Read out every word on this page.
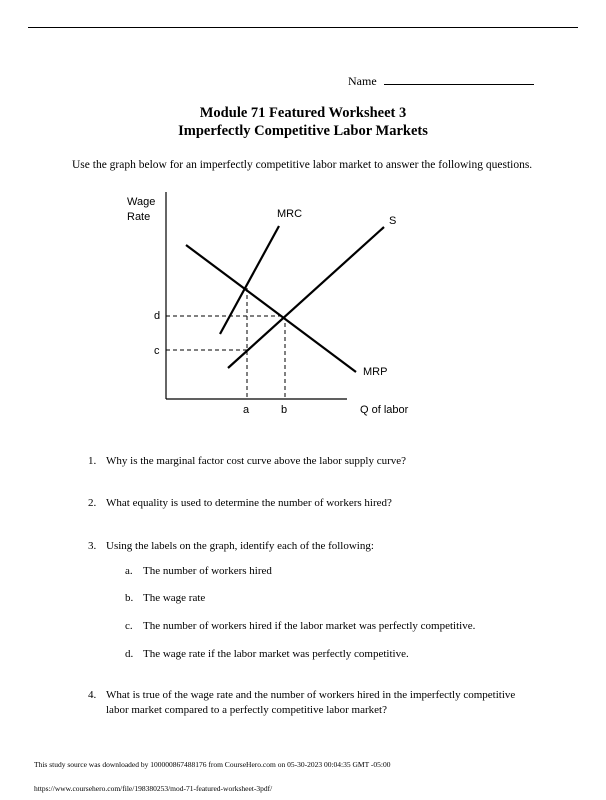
Name
Module 71 Featured Worksheet 3
Imperfectly Competitive Labor Markets
Use the graph below for an imperfectly competitive labor market to answer the following questions.
Wage
Rate	MRC
S
MRP
d
c
a	b	Q of labor
1. Why is the marginal factor cost curve above the labor supply curve?
2. What equality is used to determine the number of workers hired?
3. Using the labels on the graph, identify each of the following:
a. The number of workers hired
b. The wage rate
c. The number of workers hired if the labor market was perfectly competitive.
d. The wage rate if the labor market was perfectly competitive.
4. What is true of the wage rate and the number of workers hired in the imperfectly competitive labor market compared to a perfectly competitive labor market?
This study source was downloaded by 100000867488176 from CourseHero.com on 05-30-2023 00:04:35 GMT -05:00
https://www.coursehero.com/file/198380253/mod-71-featured-worksheet-3pdf/
